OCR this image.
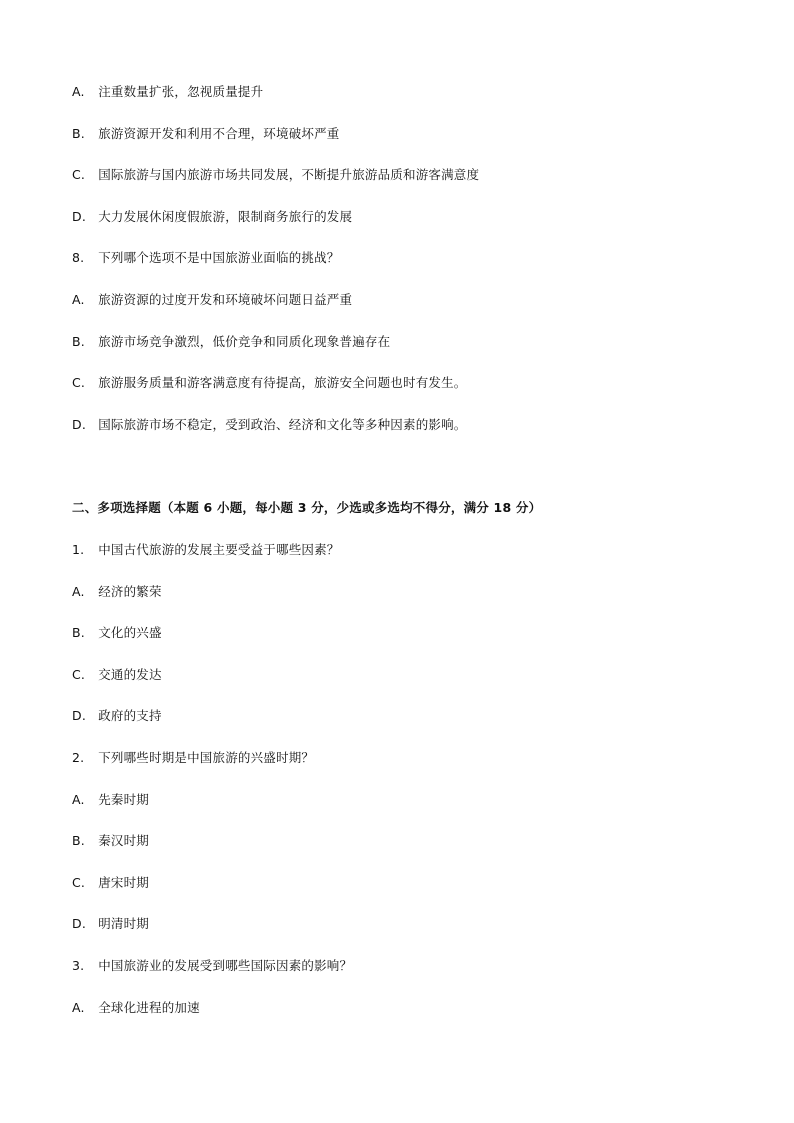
A. 注重数量扩张，忽视质量提升
B. 旅游资源开发和利用不合理，环境破坏严重
C. 国际旅游与国内旅游市场共同发展，不断提升旅游品质和游客满意度
D. 大力发展休闲度假旅游，限制商务旅行的发展
8. 下列哪个选项不是中国旅游业面临的挑战？
A. 旅游资源的过度开发和环境破坏问题日益严重
B. 旅游市场竞争激烈，低价竞争和同质化现象普遍存在
C. 旅游服务质量和游客满意度有待提高，旅游安全问题也时有发生。
D. 国际旅游市场不稳定，受到政治、经济和文化等多种因素的影响。
二、多项选择题（本题 6 小题，每小题 3 分，少选或多选均不得分，满分 18 分）
1. 中国古代旅游的发展主要受益于哪些因素？
A. 经济的繁荣
B. 文化的兴盛
C. 交通的发达
D. 政府的支持
2. 下列哪些时期是中国旅游的兴盛时期？
A. 先秦时期
B. 秦汉时期
C. 唐宋时期
D. 明清时期
3. 中国旅游业的发展受到哪些国际因素的影响？
A. 全球化进程的加速
